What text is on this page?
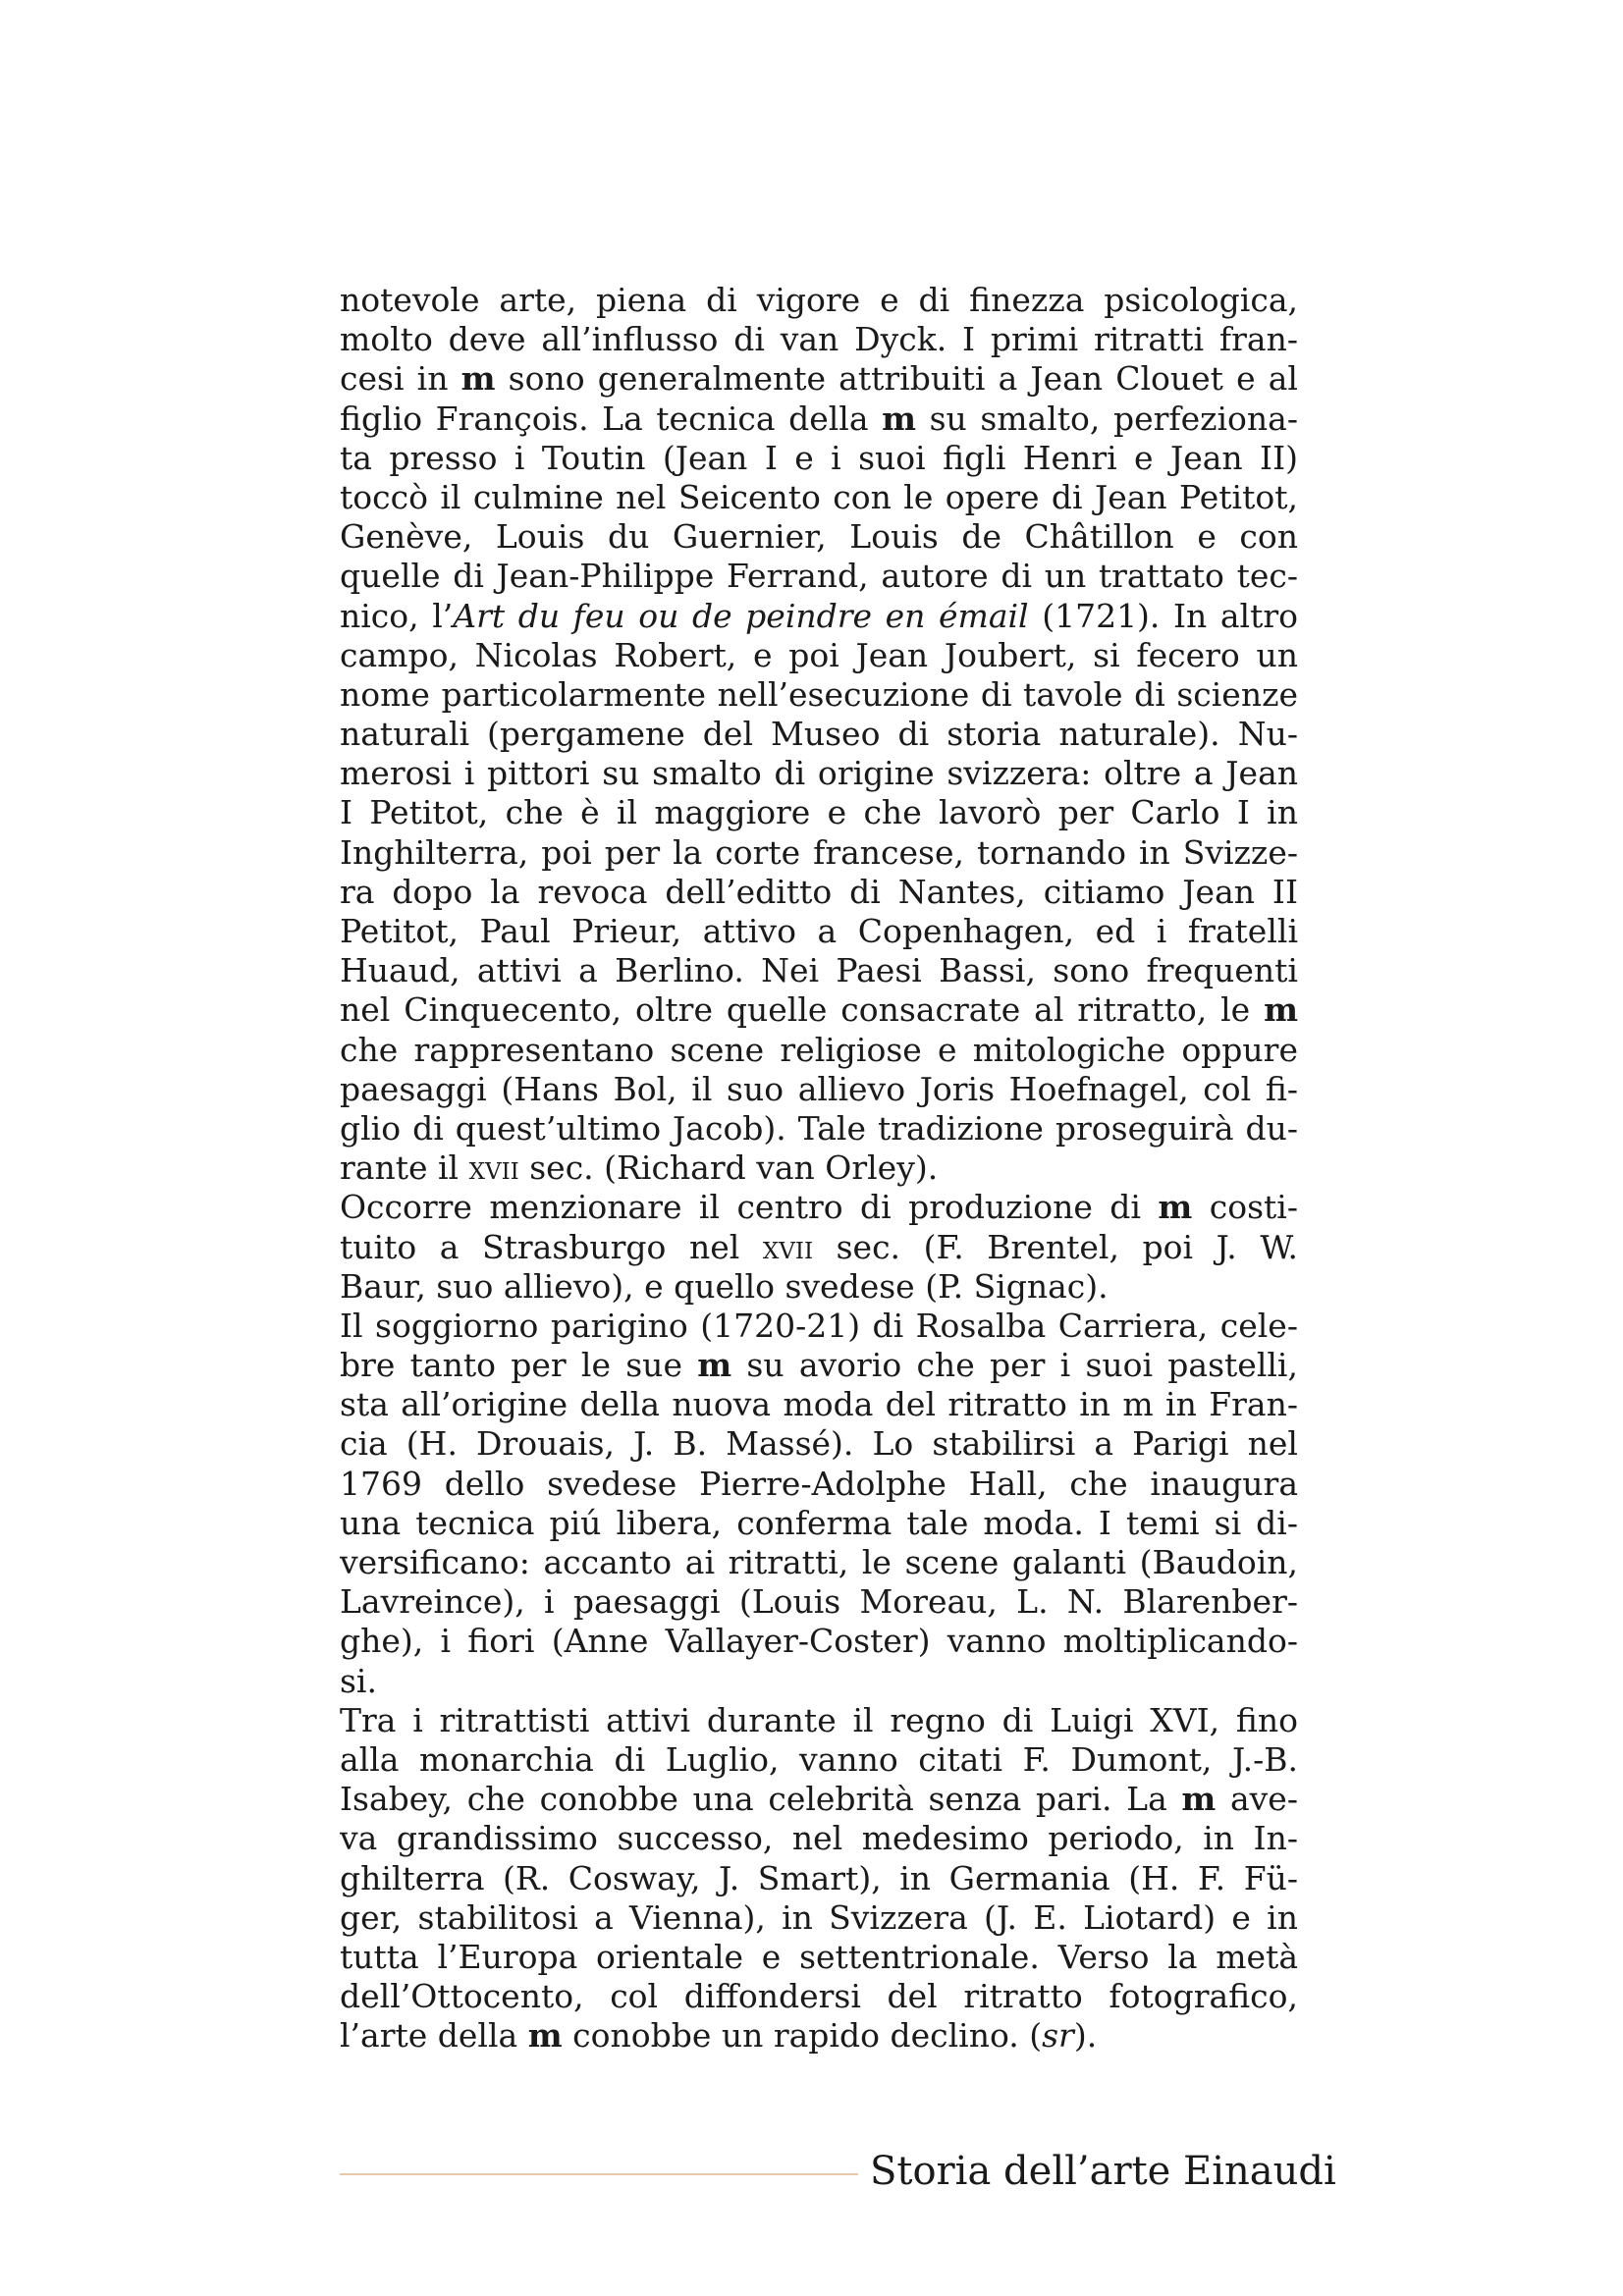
notevole arte, piena di vigore e di finezza psicologica,
molto deve all’influsso di van Dyck. I primi ritratti fran-
cesi in m sono generalmente attribuiti a Jean Clouet e al
figlio François. La tecnica della m su smalto, perfeziona-
ta presso i Toutin (Jean I e i suoi figli Henri e Jean II)
toccò il culmine nel Seicento con le opere di Jean Petitot,
Genève, Louis du Guernier, Louis de Châtillon e con
quelle di Jean-Philippe Ferrand, autore di un trattato tec-
nico, l’Art du feu ou de peindre en émail (1721). In altro
campo, Nicolas Robert, e poi Jean Joubert, si fecero un
nome particolarmente nell’esecuzione di tavole di scienze
naturali (pergamene del Museo di storia naturale). Nu-
merosi i pittori su smalto di origine svizzera: oltre a Jean
I Petitot, che è il maggiore e che lavorò per Carlo I in
Inghilterra, poi per la corte francese, tornando in Svizze-
ra dopo la revoca dell’editto di Nantes, citiamo Jean II
Petitot, Paul Prieur, attivo a Copenhagen, ed i fratelli
Huaud, attivi a Berlino. Nei Paesi Bassi, sono frequenti
nel Cinquecento, oltre quelle consacrate al ritratto, le m
che rappresentano scene religiose e mitologiche oppure
paesaggi (Hans Bol, il suo allievo Joris Hoefnagel, col fi-
glio di quest’ultimo Jacob). Tale tradizione proseguirà du-
rante il xvii sec. (Richard van Orley).
Occorre menzionare il centro di produzione di m costi-
tuito a Strasburgo nel xvii sec. (F. Brentel, poi J. W.
Baur, suo allievo), e quello svedese (P. Signac).
Il soggiorno parigino (1720-21) di Rosalba Carriera, cele-
bre tanto per le sue m su avorio che per i suoi pastelli,
sta all’origine della nuova moda del ritratto in m in Fran-
cia (H. Drouais, J. B. Massé). Lo stabilirsi a Parigi nel
1769 dello svedese Pierre-Adolphe Hall, che inaugura
una tecnica piú libera, conferma tale moda. I temi si di-
versificano: accanto ai ritratti, le scene galanti (Baudoin,
Lavreince), i paesaggi (Louis Moreau, L. N. Blarenber-
ghe), i fiori (Anne Vallayer-Coster) vanno moltiplicando-
si.
Tra i ritrattisti attivi durante il regno di Luigi XVI, fino
alla monarchia di Luglio, vanno citati F. Dumont, J.-B.
Isabey, che conobbe una celebrità senza pari. La m ave-
va grandissimo successo, nel medesimo periodo, in In-
ghilterra (R. Cosway, J. Smart), in Germania (H. F. Fü-
ger, stabilitosi a Vienna), in Svizzera (J. E. Liotard) e in
tutta l’Europa orientale e settentrionale. Verso la metà
dell’Ottocento, col diffondersi del ritratto fotografico,
l’arte della m conobbe un rapido declino. (sr).
Storia dell’arte Einaudi
